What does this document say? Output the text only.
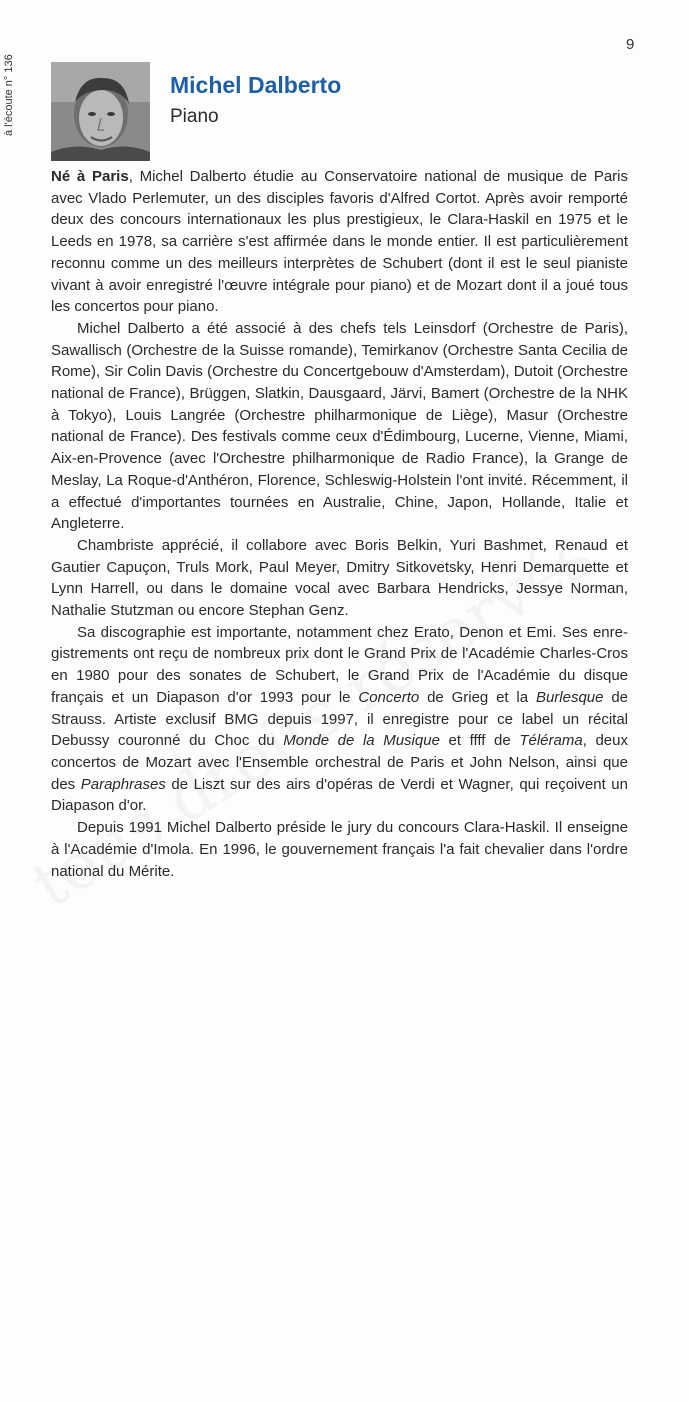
9
à l'écoute n° 136	Michel Dalberto
Piano

Né à Paris, Michel Dalberto étudie au Conservatoire national de musique de Paris avec Vlado Perlemuter, un des disciples favoris d'Alfred Cortot. Après avoir remporté deux des concours internationaux les plus prestigieux, le Clara-Haskil en 1975 et le Leeds en 1978, sa carrière s'est affirmée dans le monde entier. Il est particulièrement reconnu comme un des meilleurs interprètes de Schubert (dont il est le seul pianiste vivant à avoir enregistré l'œuvre intégrale pour piano) et de Mozart dont il a joué tous les concertos pour piano.

Michel Dalberto a été associé à des chefs tels Leinsdorf (Orchestre de Paris), Sawallisch (Orchestre de la Suisse romande), Temirkanov (Orchestre Santa Cecilia de Rome), Sir Colin Davis (Orchestre du Concertgebouw d'Amsterdam), Dutoit (Orchestre national de France), Brüggen, Slatkin, Dausgaard, Järvi, Bamert (Orchestre de la NHK à Tokyo), Louis Langrée (Orchestre philharmonique de Liège), Masur (Orchestre national de France). Des festivals comme ceux d'Édimbourg, Lucerne, Vienne, Miami, Aix-en-Provence (avec l'Orchestre philharmonique de Radio France), la Grange de Meslay, La Roque-d'Anthéron, Florence, Schleswig-Holstein l'ont invité. Récemment, il a effectué d'importantes tournées en Australie, Chine, Japon, Hollande, Italie et Angleterre.

Chambriste apprécié, il collabore avec Boris Belkin, Yuri Bashmet, Renaud et Gautier Capuçon, Truls Mork, Paul Meyer, Dmitry Sitkovetsky, Henri Demarquette et Lynn Harrell, ou dans le domaine vocal avec Barbara Hendricks, Jessye Norman, Nathalie Stutzman ou encore Stephan Genz.

Sa discographie est importante, notamment chez Erato, Denon et Emi. Ses enregistrements ont reçu de nombreux prix dont le Grand Prix de l'Académie Charles-Cros en 1980 pour des sonates de Schubert, le Grand Prix de l'Académie du disque français et un Diapason d'or 1993 pour le Concerto de Grieg et la Burlesque de Strauss. Artiste exclusif BMG depuis 1997, il enregistre pour ce label un récital Debussy couronné du Choc du Monde de la Musique et ffff de Télérama, deux concertos de Mozart avec l'Ensemble orchestral de Paris et John Nelson, ainsi que des Paraphrases de Liszt sur des airs d'opéras de Verdi et Wagner, qui reçoivent un Diapason d'or.

Depuis 1991 Michel Dalberto préside le jury du concours Clara-Haskil. Il enseigne à l'Académie d'Imola. En 1996, le gouvernement français l'a fait chevalier dans l'ordre national du Mérite.
